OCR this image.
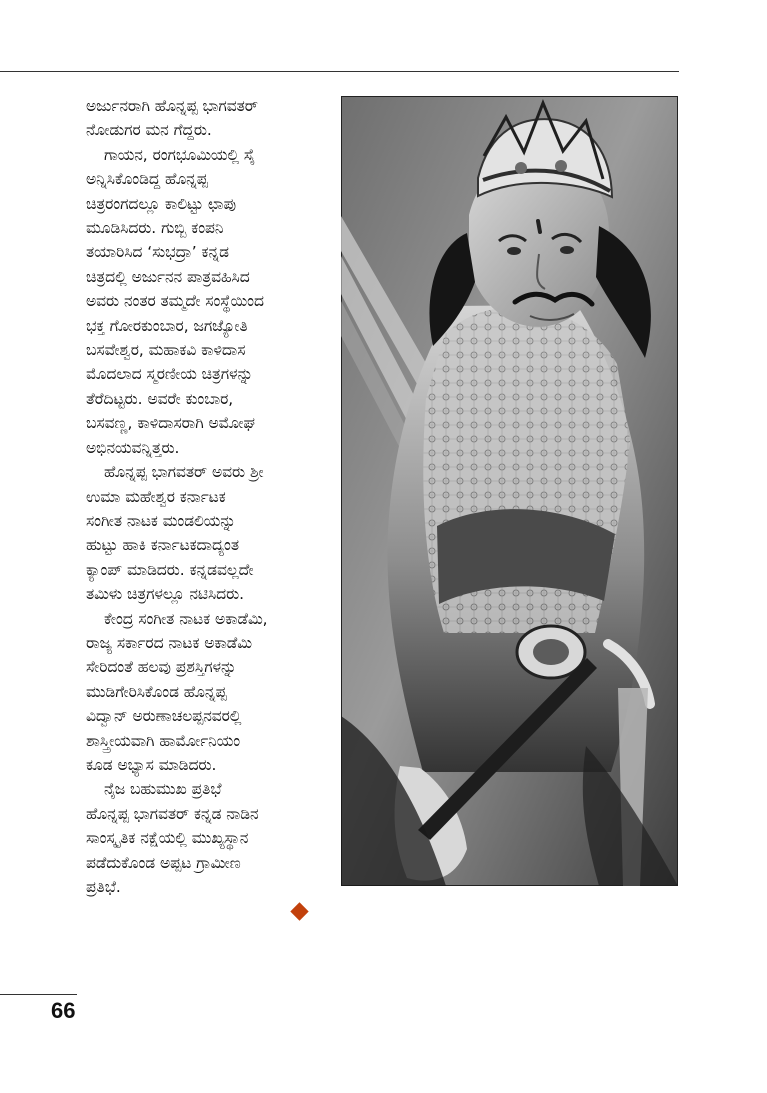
ಅರ್ಜುನರಾಗಿ ಹೊನ್ನಪ್ಪ ಭಾಗವತರ್
ನೋಡುಗರ ಮನ ಗೆದ್ದರು.
ಗಾಯನ, ರಂಗಭೂಮಿಯಲ್ಲಿ ಸೈ
ಅನ್ನಿಸಿಕೊಂಡಿದ್ದ ಹೊನ್ನಪ್ಪ
ಚಿತ್ರರಂಗದಲ್ಲೂ ಕಾಲಿಟ್ಟು ಛಾಪು
ಮೂಡಿಸಿದರು. ಗುಬ್ಬಿ ಕಂಪನಿ
ತಯಾರಿಸಿದ ‘ಸುಭದ್ರಾ’ ಕನ್ನಡ
ಚಿತ್ರದಲ್ಲಿ ಅರ್ಜುನನ ಪಾತ್ರವಹಿಸಿದ
ಅವರು ನಂತರ ತಮ್ಮದೇ ಸಂಸ್ಥೆಯಿಂದ
ಭಕ್ತ ಗೋರಕುಂಬಾರ, ಜಗಜ್ಯೋತಿ
ಬಸವೇಶ್ವರ, ಮಹಾಕವಿ ಕಾಳಿದಾಸ
ಮೊದಲಾದ ಸ್ಮರಣೀಯ ಚಿತ್ರಗಳನ್ನು
ತೆರೆದಿಟ್ಟರು. ಅವರೇ ಕುಂಬಾರ,
ಬಸವಣ್ಣ, ಕಾಳಿದಾಸರಾಗಿ ಅಮೋಘ
ಅಭಿನಯವನ್ನಿತ್ತರು.
ಹೊನ್ನಪ್ಪ ಭಾಗವತರ್ ಅವರು ಶ್ರೀ
ಉಮಾ ಮಹೇಶ್ವರ ಕರ್ನಾಟಕ
ಸಂಗೀತ ನಾಟಕ ಮಂಡಲಿಯನ್ನು
ಹುಟ್ಟು ಹಾಕಿ ಕರ್ನಾಟಕದಾದ್ಯಂತ
ಕ್ಯಾಂಪ್ ಮಾಡಿದರು. ಕನ್ನಡವಲ್ಲದೇ
ತಮಿಳು ಚಿತ್ರಗಳಲ್ಲೂ ನಟಿಸಿದರು.
ಕೇಂದ್ರ ಸಂಗೀತ ನಾಟಕ ಅಕಾಡೆಮಿ,
ರಾಜ್ಯ ಸರ್ಕಾರದ ನಾಟಕ ಅಕಾಡೆಮಿ
ಸೇರಿದಂತೆ ಹಲವು ಪ್ರಶಸ್ತಿಗಳನ್ನು
ಮುಡಿಗೇರಿಸಿಕೊಂಡ ಹೊನ್ನಪ್ಪ
ವಿದ್ವಾನ್ ಅರುಣಾಚಲಪ್ಪನವರಲ್ಲಿ
ಶಾಸ್ತ್ರೀಯವಾಗಿ ಹಾರ್ಮೋನಿಯಂ
ಕೂಡ ಅಭ್ಯಾಸ ಮಾಡಿದರು.
ನೈಜ ಬಹುಮುಖ ಪ್ರತಿಭೆ
ಹೊನ್ನಪ್ಪ ಭಾಗವತರ್ ಕನ್ನಡ ನಾಡಿನ
ಸಾಂಸ್ಕೃತಿಕ ನಕ್ಷೆಯಲ್ಲಿ ಮುಖ್ಯಸ್ಥಾನ
ಪಡೆದುಕೊಂಡ ಅಪ್ಪಟ ಗ್ರಾಮೀಣ
ಪ್ರತಿಭೆ.
66
